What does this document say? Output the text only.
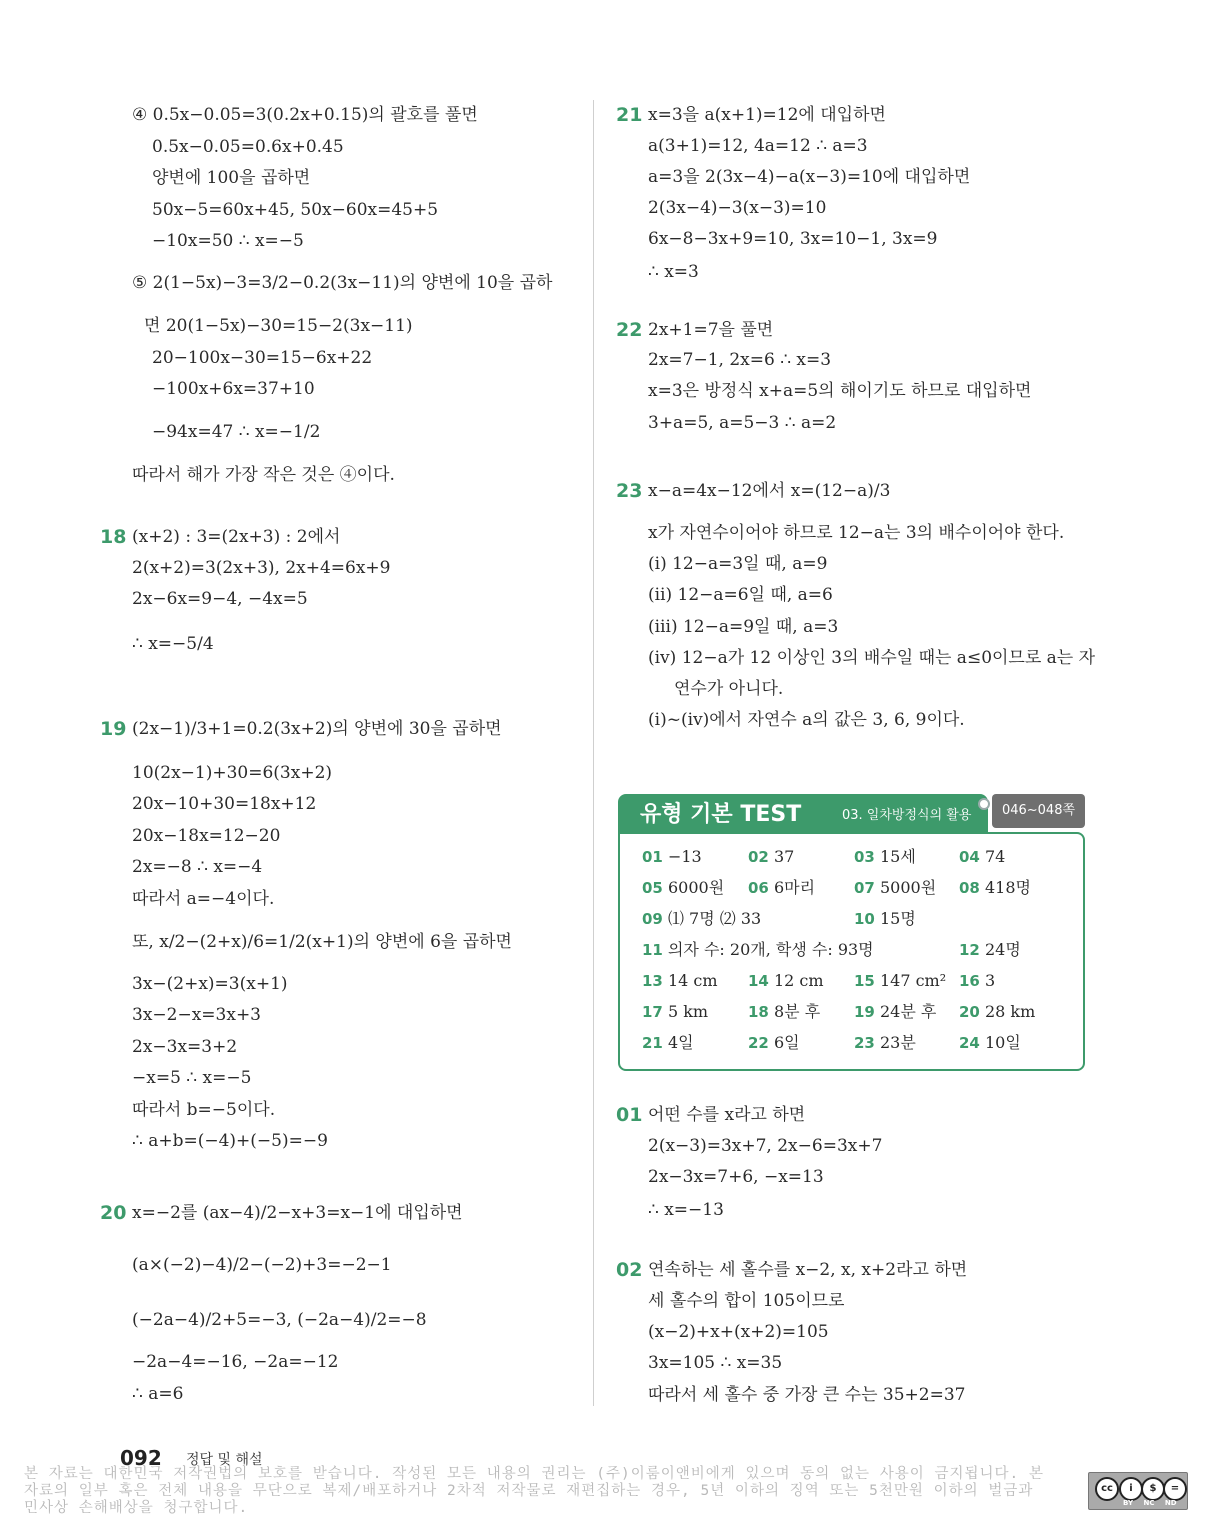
④ 0.5x−0.05=3(0.2x+0.15)의 괄호를 풀면
0.5x−0.05=0.6x+0.45
양변에 100을 곱하면
50x−5=60x+45, 50x−60x=45+5
−10x=50 ∴ x=−5
⑤ 2(1−5x)−3=3/2−0.2(3x−11)의 양변에 10을 곱하
면 20(1−5x)−30=15−2(3x−11)
20−100x−30=15−6x+22
−100x+6x=37+10
−94x=47 ∴ x=−1/2
따라서 해가 가장 작은 것은 ④이다.
18 (x+2) : 3=(2x+3) : 2에서
2(x+2)=3(2x+3), 2x+4=6x+9
2x−6x=9−4, −4x=5
∴ x=−5/4
19 (2x−1)/3+1=0.2(3x+2)의 양변에 30을 곱하면
10(2x−1)+30=6(3x+2)
20x−10+30=18x+12
20x−18x=12−20
2x=−8 ∴ x=−4
따라서 a=−4이다.
또, x/2−(2+x)/6=1/2(x+1)의 양변에 6을 곱하면
3x−(2+x)=3(x+1)
3x−2−x=3x+3
2x−3x=3+2
−x=5 ∴ x=−5
따라서 b=−5이다.
∴ a+b=(−4)+(−5)=−9
20 x=−2를 (ax−4)/2−x+3=x−1에 대입하면
(a×(−2)−4)/2−(−2)+3=−2−1
(−2a−4)/2+5=−3, (−2a−4)/2=−8
−2a−4=−16, −2a=−12
∴ a=6
21 x=3을 a(x+1)=12에 대입하면
a(3+1)=12, 4a=12 ∴ a=3
a=3을 2(3x−4)−a(x−3)=10에 대입하면
2(3x−4)−3(x−3)=10
6x−8−3x+9=10, 3x=10−1, 3x=9
∴ x=3
22 2x+1=7을 풀면
2x=7−1, 2x=6 ∴ x=3
x=3은 방정식 x+a=5의 해이기도 하므로 대입하면
3+a=5, a=5−3 ∴ a=2
23 x−a=4x−12에서 x=(12−a)/3
x가 자연수이어야 하므로 12−a는 3의 배수이어야 한다.
(ⅰ) 12−a=3일 때, a=9
(ⅱ) 12−a=6일 때, a=6
(ⅲ) 12−a=9일 때, a=3
(ⅳ) 12−a가 12 이상인 3의 배수일 때는 a≤0이므로 a는 자
연수가 아니다.
(ⅰ)~(ⅳ)에서 자연수 a의 값은 3, 6, 9이다.
01 어떤 수를 x라고 하면
2(x−3)=3x+7, 2x−6=3x+7
2x−3x=7+6, −x=13
∴ x=−13
02 연속하는 세 홀수를 x−2, x, x+2라고 하면
세 홀수의 합이 105이므로
(x−2)+x+(x+2)=105
3x=105 ∴ x=35
따라서 세 홀수 중 가장 큰 수는 35+2=37
유형 기본 TEST	03. 일차방정식의 활용	046~048쪽
01 −13	02 37	03 15세	04 74
05 6000원 06 6마리	07 5000원 08 418명
09 ⑴ 7명 ⑵ 33	10 15명
11 의자 수: 20개, 학생 수: 93명	12 24명
13 14 cm 14 12 cm 15 147 cm² 16 3
17 5 km	18 8분 후 19 24분 후 20 28 km
21 4일	22 6일	23 23분	24 10일
092 정답 및 해설
본 자료는 대한민국 저작권법의 보호를 받습니다. 작성된 모든 내용의 권리는 (주)이룸이앤비에게 있으며 동의 없는 사용이 금지됩니다. 본 자료의 일부 혹은 전체 내용을 무단으로 복제/배포하거나 2차적 저작물로 재편집하는 경우, 5년 이하의 징역 또는 5천만원 이하의 벌금과 민사상 손해배상을 청구합니다.
cc	i	$	=
BY NC ND
